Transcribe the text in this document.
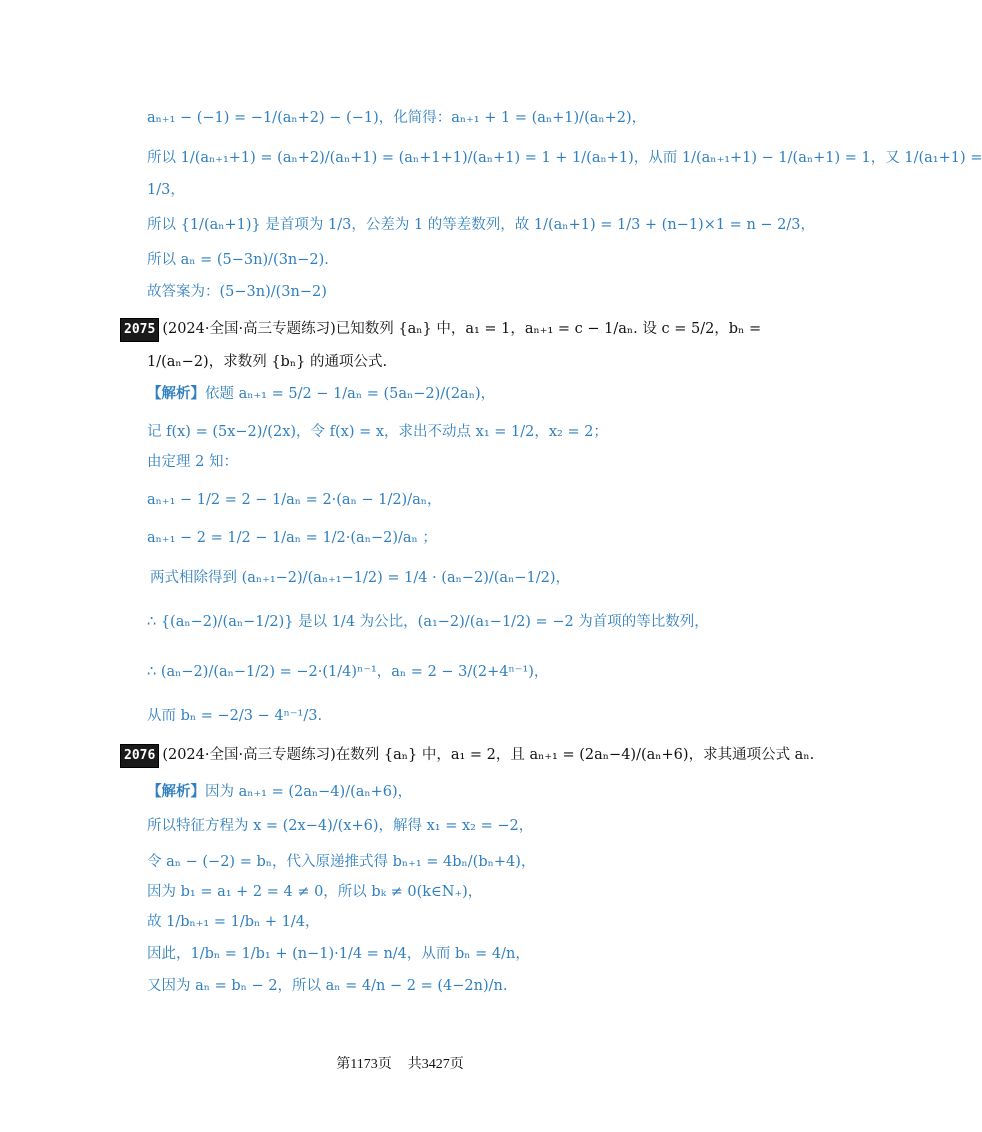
aₙ₊₁ − (−1) = −1/(aₙ+2) − (−1)，化简得：aₙ₊₁ + 1 = (aₙ+1)/(aₙ+2)，
所以 1/(aₙ₊₁+1) = (aₙ+2)/(aₙ+1) = (aₙ+1+1)/(aₙ+1) = 1 + 1/(aₙ+1)，从而 1/(aₙ₊₁+1) − 1/(aₙ+1) = 1，又 1/(a₁+1) =
1/3，
所以 {1/(aₙ+1)} 是首项为 1/3，公差为 1 的等差数列，故 1/(aₙ+1) = 1/3 + (n−1)×1 = n − 2/3，
所以 aₙ = (5−3n)/(3n−2).
故答案为：(5−3n)/(3n−2)
2075 (2024·全国·高三专题练习)已知数列 {aₙ} 中，a₁ = 1，aₙ₊₁ = c − 1/aₙ. 设 c = 5/2，bₙ =
1/(aₙ−2)，求数列 {bₙ} 的通项公式.
【解析】依题 aₙ₊₁ = 5/2 − 1/aₙ = (5aₙ−2)/(2aₙ)，
记 f(x) = (5x−2)/(2x)，令 f(x) = x，求出不动点 x₁ = 1/2，x₂ = 2；
由定理 2 知：
aₙ₊₁ − 1/2 = 2 − 1/aₙ = 2·(aₙ − 1/2)/aₙ，
aₙ₊₁ − 2 = 1/2 − 1/aₙ = 1/2·(aₙ−2)/aₙ ；
两式相除得到 (aₙ₊₁−2)/(aₙ₊₁−1/2) = 1/4 · (aₙ−2)/(aₙ−1/2)，
∴ {(aₙ−2)/(aₙ−1/2)} 是以 1/4 为公比，(a₁−2)/(a₁−1/2) = −2 为首项的等比数列，
∴ (aₙ−2)/(aₙ−1/2) = −2·(1/4)ⁿ⁻¹，aₙ = 2 − 3/(2+4ⁿ⁻¹)，
从而 bₙ = −2/3 − 4ⁿ⁻¹/3.
2076 (2024·全国·高三专题练习)在数列 {aₙ} 中，a₁ = 2，且 aₙ₊₁ = (2aₙ−4)/(aₙ+6)，求其通项公式 aₙ.
【解析】因为 aₙ₊₁ = (2aₙ−4)/(aₙ+6)，
所以特征方程为 x = (2x−4)/(x+6)，解得 x₁ = x₂ = −2，
令 aₙ − (−2) = bₙ，代入原递推式得 bₙ₊₁ = 4bₙ/(bₙ+4)，
因为 b₁ = a₁ + 2 = 4 ≠ 0，所以 bₖ ≠ 0(k∈N₊)，
故 1/bₙ₊₁ = 1/bₙ + 1/4，
因此，1/bₙ = 1/b₁ + (n−1)·1/4 = n/4，从而 bₙ = 4/n，
又因为 aₙ = bₙ − 2，所以 aₙ = 4/n − 2 = (4−2n)/n.
第1173页 共3427页
